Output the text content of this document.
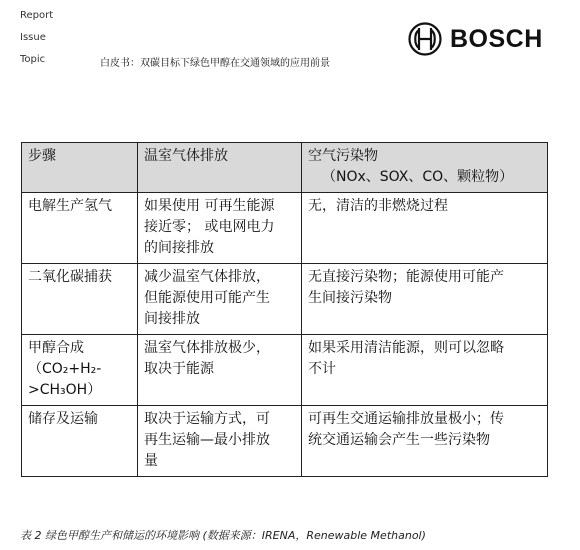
Report
Issue
Topic	白皮书：双碳目标下绿色甲醇在交通领域的应用前景
BOSCH
步骤	温室气体排放	空气污染物
（NOx、SOX、CO、颗粒物）

电解生产氢气	如果使用 可再生能源
接近零； 或电网电力
的间接排放	无，清洁的非燃烧过程

二氧化碳捕获	减少温室气体排放，
但能源使用可能产生
间接排放	无直接污染物；能源使用可能产
生间接污染物

甲醇合成
（CO₂+H₂-
>CH₃OH）	温室气体排放极少，
取决于能源	如果采用清洁能源，则可以忽略
不计

储存及运输	取决于运输方式，可
再生运输—最小排放
量	可再生交通运输排放量极小；传
统交通运输会产生一些污染物
表 2 绿色甲醇生产和储运的环境影响 (数据来源：IRENA，Renewable Methanol)
